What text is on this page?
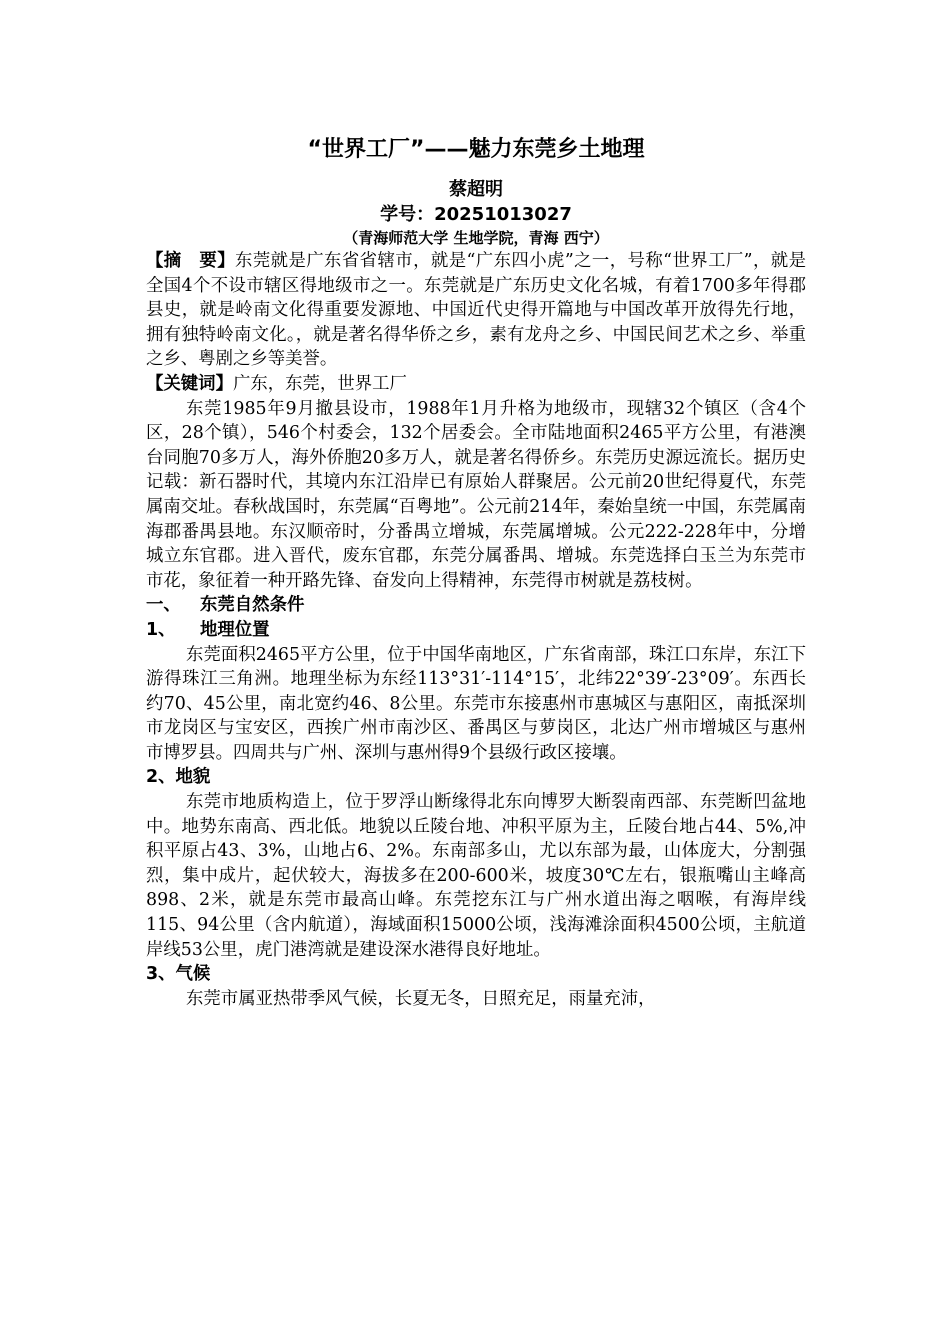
“世界工厂”——魅力东莞乡土地理

蔡超明

学号：20251013027

（青海师范大学 生地学院，青海 西宁）

【摘　要】东莞就是广东省省辖市，就是“广东四小虎”之一，号称“世界工厂”，就是全国4个不设市辖区得地级市之一。东莞就是广东历史文化名城，有着1700多年得郡县史，就是岭南文化得重要发源地、中国近代史得开篇地与中国改革开放得先行地，拥有独特岭南文化。，就是著名得华侨之乡，素有龙舟之乡、中国民间艺术之乡、举重之乡、粤剧之乡等美誉。

【关键词】广东，东莞，世界工厂

东莞1985年9月撤县设市，1988年1月升格为地级市，现辖32个镇区（含4个区，28个镇），546个村委会，132个居委会。全市陆地面积2465平方公里，有港澳台同胞70多万人，海外侨胞20多万人，就是著名得侨乡。东莞历史源远流长。据历史记载：新石器时代，其境内东江沿岸已有原始人群聚居。公元前20世纪得夏代，东莞属南交址。春秋战国时，东莞属“百粤地”。公元前214年，秦始皇统一中国，东莞属南海郡番禺县地。东汉顺帝时，分番禺立增城，东莞属增城。公元222-228年中，分增城立东官郡。进入晋代，废东官郡，东莞分属番禺、增城。东莞选择白玉兰为东莞市市花，象征着一种开路先锋、奋发向上得精神，东莞得市树就是荔枝树。

一、 东莞自然条件

1、 地理位置

东莞面积2465平方公里，位于中国华南地区，广东省南部，珠江口东岸，东江下游得珠江三角洲。地理坐标为东经113°31′-114°15′，北纬22°39′-23°09′。东西长约70、45公里，南北宽约46、8公里。东莞市东接惠州市惠城区与惠阳区，南抵深圳市龙岗区与宝安区，西挨广州市南沙区、番禺区与萝岗区，北达广州市增城区与惠州市博罗县。四周共与广州、深圳与惠州得9个县级行政区接壤。

2、地貌

东莞市地质构造上，位于罗浮山断缘得北东向博罗大断裂南西部、东莞断凹盆地中。地势东南高、西北低。地貌以丘陵台地、冲积平原为主，丘陵台地占44、5%,冲积平原占43、3%，山地占6、2%。东南部多山，尤以东部为最，山体庞大，分割强烈，集中成片，起伏较大，海拔多在200-600米，坡度30℃左右，银瓶嘴山主峰高898、2米，就是东莞市最高山峰。东莞挖东江与广州水道出海之咽喉，有海岸线115、94公里（含内航道），海域面积15000公顷，浅海滩涂面积4500公顷，主航道岸线53公里，虎门港湾就是建设深水港得良好地址。

3、气候

东莞市属亚热带季风气候，长夏无冬，日照充足，雨量充沛，
